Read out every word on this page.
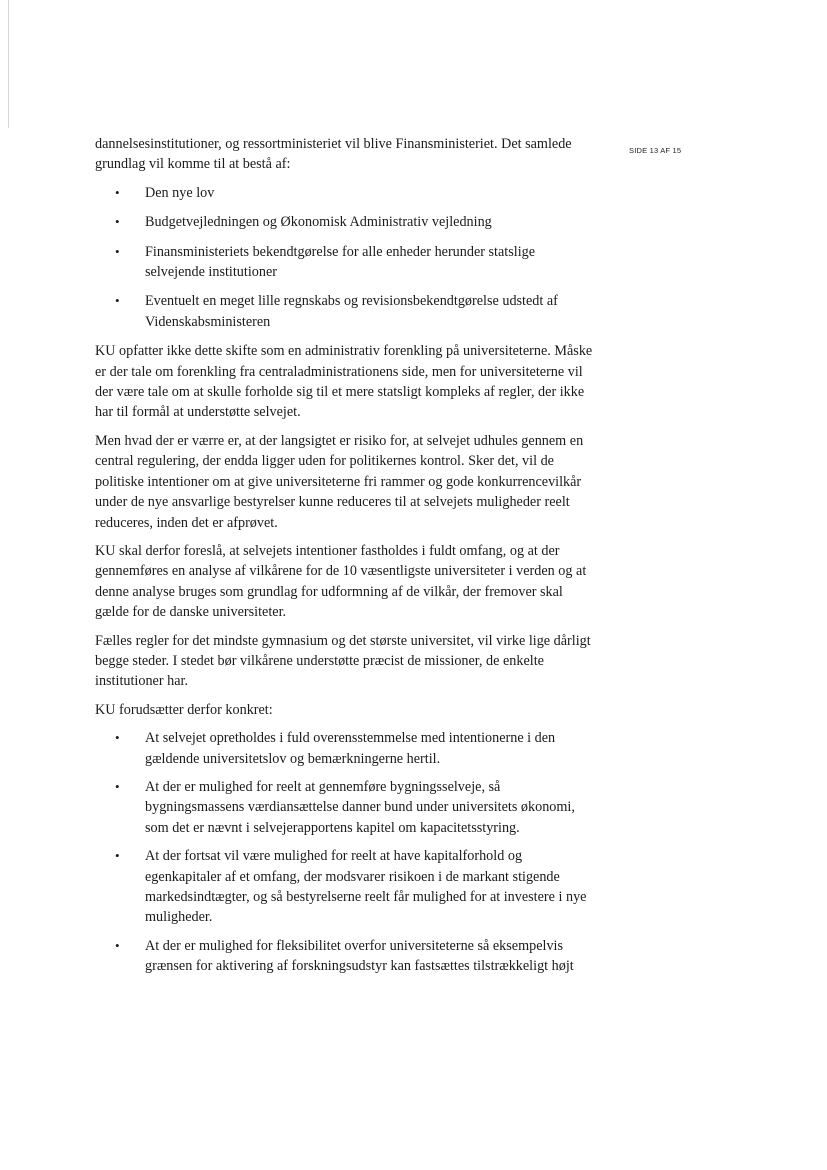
SIDE 13 AF 15

dannelsesinstitutioner, og ressortministeriet vil blive Finansministeriet. Det samlede grundlag vil komme til at bestå af:

• Den nye lov
• Budgetvejledningen og Økonomisk Administrativ vejledning
• Finansministeriets bekendtgørelse for alle enheder herunder statslige selvejende institutioner
• Eventuelt en meget lille regnskabs og revisionsbekendtgørelse udstedt af Videnskabsministeren

KU opfatter ikke dette skifte som en administrativ forenkling på universiteterne. Måske er der tale om forenkling fra centraladministrationens side, men for universiteterne vil der være tale om at skulle forholde sig til et mere statsligt kompleks af regler, der ikke har til formål at understøtte selvejet.

Men hvad der er værre er, at der langsigtet er risiko for, at selvejet udhules gennem en central regulering, der endda ligger uden for politikernes kontrol. Sker det, vil de politiske intentioner om at give universiteterne fri rammer og gode konkurrencevilkår under de nye ansvarlige bestyrelser kunne reduceres til at selvejets muligheder reelt reduceres, inden det er afprøvet.

KU skal derfor foreslå, at selvejets intentioner fastholdes i fuldt omfang, og at der gennemføres en analyse af vilkårene for de 10 væsentligste universiteter i verden og at denne analyse bruges som grundlag for udformning af de vilkår, der fremover skal gælde for de danske universiteter.

Fælles regler for det mindste gymnasium og det største universitet, vil virke lige dårligt begge steder. I stedet bør vilkårene understøtte præcist de missioner, de enkelte institutioner har.

KU forudsætter derfor konkret:

• At selvejet opretholdes i fuld overensstemmelse med intentionerne i den gældende universitetslov og bemærkningerne hertil.
• At der er mulighed for reelt at gennemføre bygningsselveje, så bygningsmassens værdiansættelse danner bund under universitets økonomi, som det er nævnt i selvejerapportens kapitel om kapacitetsstyring.
• At der fortsat vil være mulighed for reelt at have kapitalforhold og egenkapitaler af et omfang, der modsvarer risikoen i de markant stigende markedsindtægter, og så bestyrelserne reelt får mulighed for at investere i nye muligheder.
• At der er mulighed for fleksibilitet overfor universiteterne så eksempelvis grænsen for aktivering af forskningsudstyr kan fastsættes tilstrækkeligt højt
